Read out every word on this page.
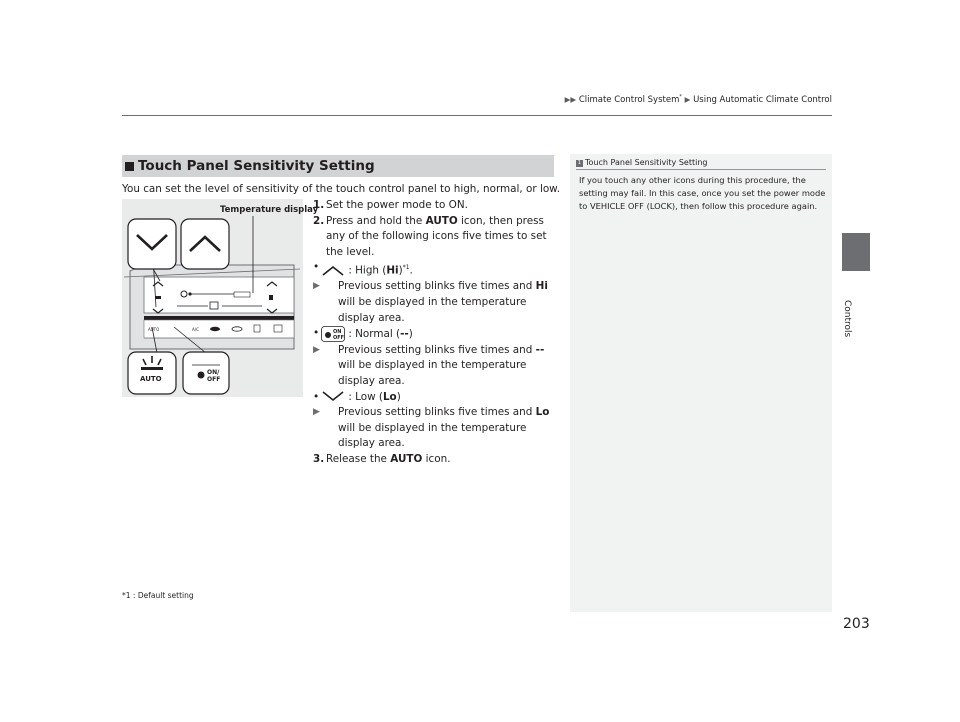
▶▶ Climate Control System* ▶ Using Automatic Climate Control
Controls
Touch Panel Sensitivity Setting
You can set the level of sensitivity of the touch control panel to high, normal, or low.
AUTO	A/C
AUTO
ON/
OFF
Temperature display
1. Set the power mode to ON.
2. Press and hold the AUTO icon, then press any of the following icons five times to set the level.
•	: High $(Hi)^{*1}$.
▶	Previous setting blinks five times and Hi will be displayed in the temperature display area.
•	ON
OFF : Normal (--)
▶	Previous setting blinks five times and -- will be displayed in the temperature display area.
•	: Low (Lo)
▶	Previous setting blinks five times and Lo will be displayed in the temperature display area.
3. Release the AUTO icon.
*1 : Default setting
1 Touch Panel Sensitivity Setting
If you touch any other icons during this procedure, the setting may fail. In this case, once you set the power mode to VEHICLE OFF (LOCK), then follow this procedure again.
203
